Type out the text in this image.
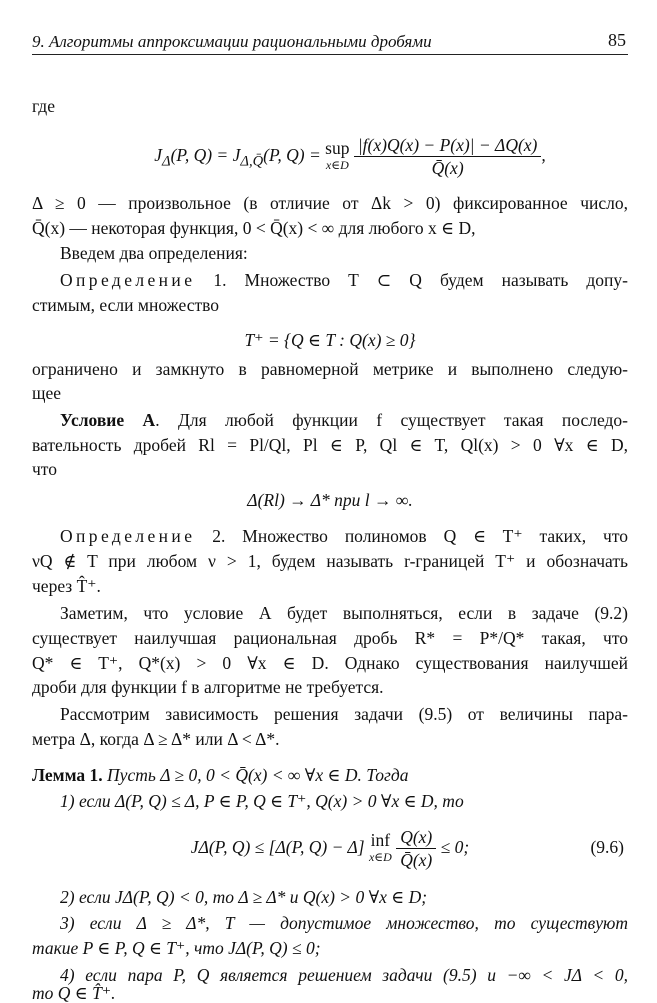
9. Алгоритмы аппроксимации рациональными дробями	85
где
$J_\Delta(P$, $Q) = J_{\Delta,Q̄}(P$, Q) = sup
x∈D
$\frac{|f(x)Q(x) - P(x)| - \Delta Q(x)}{Q̄(x)}$ ,
Δ ≥ 0 — произвольное (в отличие от Δk > 0) фиксированное число,
Q̄(x) — некоторая функция, 0 < Q̄(x) < ∞ для любого x ∈ D,
Введем два определения:
Определение 1. Множество T ⊂ Q будем называть допу-
стимым, если множество
T⁺ = {Q ∈ T : Q(x) ≥ 0}
ограничено и замкнуто в равномерной метрике и выполнено следую-
щее
Условие А. Для любой функции f существует такая последо-
вательность дробей Rl = Pl/Ql, Pl ∈ P, Ql ∈ T, Ql(x) > 0 ∀x ∈ D,
что
Δ(Rl) → Δ* при l → ∞.
Определение 2. Множество полиномов Q ∈ T⁺ таких, что
νQ ∉ T при любом ν > 1, будем называть r-границей T⁺ и обозначать
через T̂⁺.
Заметим, что условие А будет выполняться, если в задаче (9.2)
существует наилучшая рациональная дробь R* = P*/Q* такая, что
Q* ∈ T⁺, Q*(x) > 0 ∀x ∈ D. Однако существования наилучшей
дроби для функции f в алгоритме не требуется.
Рассмотрим зависимость решения задачи (9.5) от величины пара-
метра Δ, когда Δ ≥ Δ* или Δ < Δ*.
Лемма 1. Пусть Δ ≥ 0, 0 < Q̄(x) < ∞ ∀x ∈ D. Тогда
1) если Δ(P, Q) ≤ Δ, P ∈ P, Q ∈ T⁺, Q(x) > 0 ∀x ∈ D, то
JΔ(P, Q) ≤ [Δ(P, Q) − Δ] inf
x∈D
$\frac{Q(x)}{Q̄(x)} \le 0$;	(9.6)
2) если JΔ(P, Q) < 0, то Δ ≥ Δ* и Q(x) > 0 ∀x ∈ D;
3) если Δ ≥ Δ*, T — допустимое множество, то существуют
такие P ∈ P, Q ∈ T⁺, что JΔ(P, Q) ≤ 0;
4) если пара P, Q является решением задачи (9.5) и −∞ < JΔ < 0,
то Q ∈ T̂⁺.
